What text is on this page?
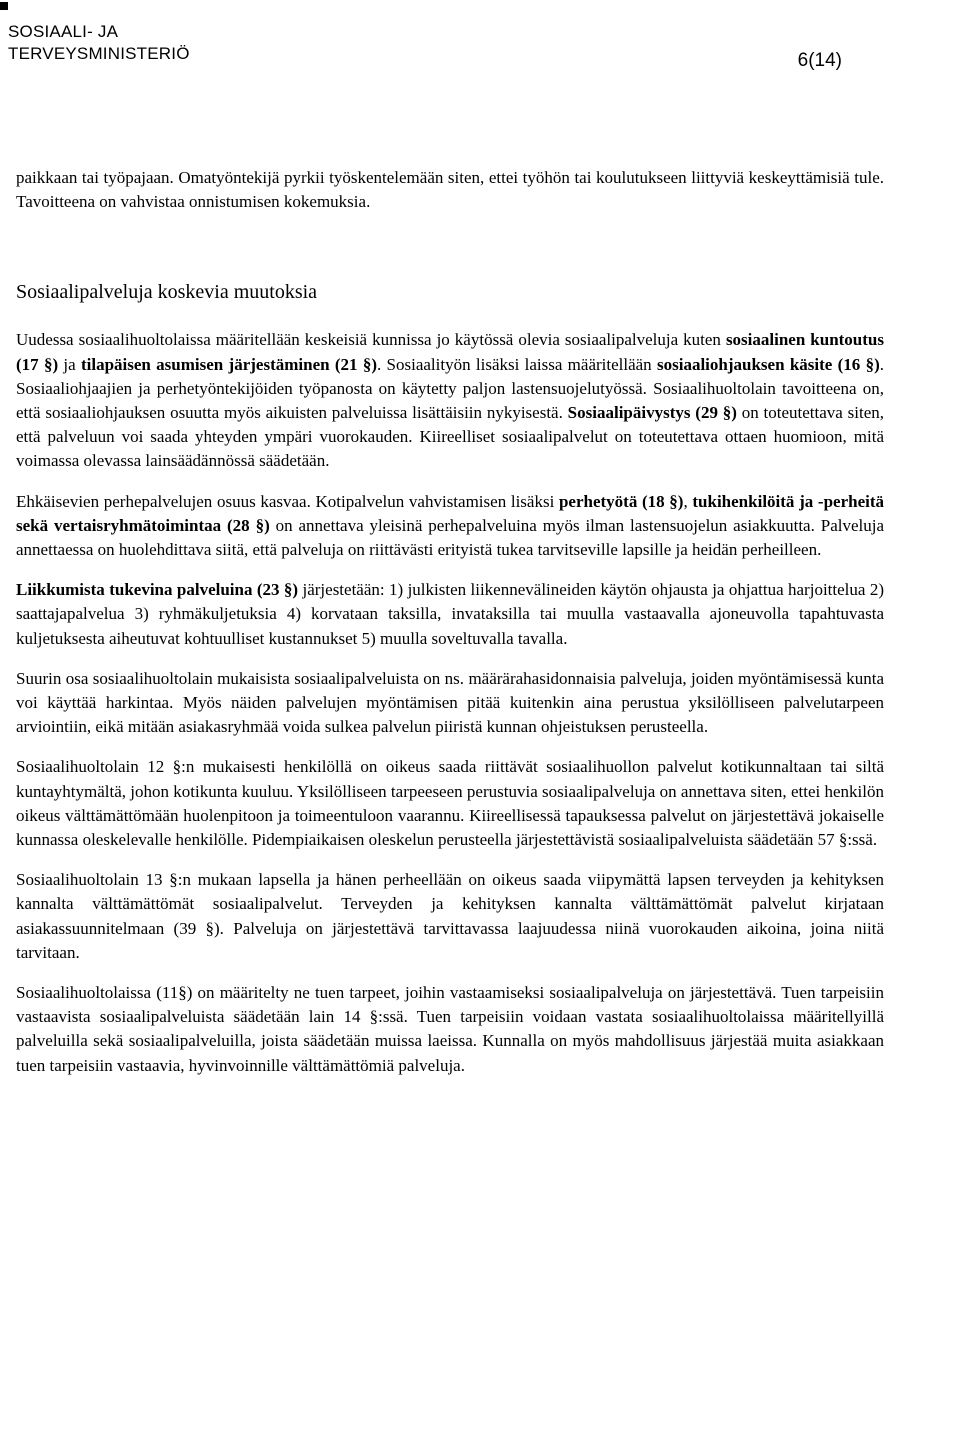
SOSIAALI- JA
TERVEYSMINISTERIÖ	6(14)

paikkaan tai työpajaan. Omatyöntekijä pyrkii työskentelemään siten, ettei työhön tai koulutukseen liittyviä keskeyttämisiä tule. Tavoitteena on vahvistaa onnistumisen kokemuksia.

Sosiaalipalveluja koskevia muutoksia

Uudessa sosiaalihuoltolaissa määritellään keskeisiä kunnissa jo käytössä olevia sosiaalipalveluja kuten sosiaalinen kuntoutus (17 §) ja tilapäisen asumisen järjestäminen (21 §). Sosiaalityön lisäksi laissa määritellään sosiaaliohjauksen käsite (16 §). Sosiaaliohjaajien ja perhetyöntekijöiden työpanosta on käytetty paljon lastensuojelutyössä. Sosiaalihuoltolain tavoitteena on, että sosiaaliohjauksen osuutta myös aikuisten palveluissa lisättäisiin nykyisestä. Sosiaalipäivystys (29 §) on toteutettava siten, että palveluun voi saada yhteyden ympäri vuorokauden. Kiireelliset sosiaalipalvelut on toteutettava ottaen huomioon, mitä voimassa olevassa lainsäädännössä säädetään.

Ehkäisevien perhepalvelujen osuus kasvaa. Kotipalvelun vahvistamisen lisäksi perhetyötä (18 §), tukihenkilöitä ja -perheitä sekä vertaisryhmätoimintaa (28 §) on annettava yleisinä perhepalveluina myös ilman lastensuojelun asiakkuutta. Palveluja annettaessa on huolehdittava siitä, että palveluja on riittävästi erityistä tukea tarvitseville lapsille ja heidän perheilleen.

Liikkumista tukevina palveluina (23 §) järjestetään: 1) julkisten liikennevälineiden käytön ohjausta ja ohjattua harjoittelua 2) saattajapalvelua 3) ryhmäkuljetuksia 4) korvataan taksilla, invataksilla tai muulla vastaavalla ajoneuvolla tapahtuvasta kuljetuksesta aiheutuvat kohtuulliset kustannukset 5) muulla soveltuvalla tavalla.

Suurin osa sosiaalihuoltolain mukaisista sosiaalipalveluista on ns. määrärahasidonnaisia palveluja, joiden myöntämisessä kunta voi käyttää harkintaa. Myös näiden palvelujen myöntämisen pitää kuitenkin aina perustua yksilölliseen palvelutarpeen arviointiin, eikä mitään asiakasryhmää voida sulkea palvelun piiristä kunnan ohjeistuksen perusteella.

Sosiaalihuoltolain 12 §:n mukaisesti henkilöllä on oikeus saada riittävät sosiaalihuollon palvelut kotikunnaltaan tai siltä kuntayhtymältä, johon kotikunta kuuluu. Yksilölliseen tarpeeseen perustuvia sosiaalipalveluja on annettava siten, ettei henkilön oikeus välttämättömään huolenpitoon ja toimeentuloon vaarannu. Kiireellisessä tapauksessa palvelut on järjestettävä jokaiselle kunnassa oleskelevalle henkilölle. Pidempiaikaisen oleskelun perusteella järjestettävistä sosiaalipalveluista säädetään 57 §:ssä.

Sosiaalihuoltolain 13 §:n mukaan lapsella ja hänen perheellään on oikeus saada viipymättä lapsen terveyden ja kehityksen kannalta välttämättömät sosiaalipalvelut. Terveyden ja kehityksen kannalta välttämättömät palvelut kirjataan asiakassuunnitelmaan (39 §). Palveluja on järjestettävä tarvittavassa laajuudessa niinä vuorokauden aikoina, joina niitä tarvitaan.

Sosiaalihuoltolaissa (11§) on määritelty ne tuen tarpeet, joihin vastaamiseksi sosiaalipalveluja on järjestettävä. Tuen tarpeisiin vastaavista sosiaalipalveluista säädetään lain 14 §:ssä. Tuen tarpeisiin voidaan vastata sosiaalihuoltolaissa määritellyillä palveluilla sekä sosiaalipalveluilla, joista säädetään muissa laeissa. Kunnalla on myös mahdollisuus järjestää muita asiakkaan tuen tarpeisiin vastaavia, hyvinvoinnille välttämättömiä palveluja.
